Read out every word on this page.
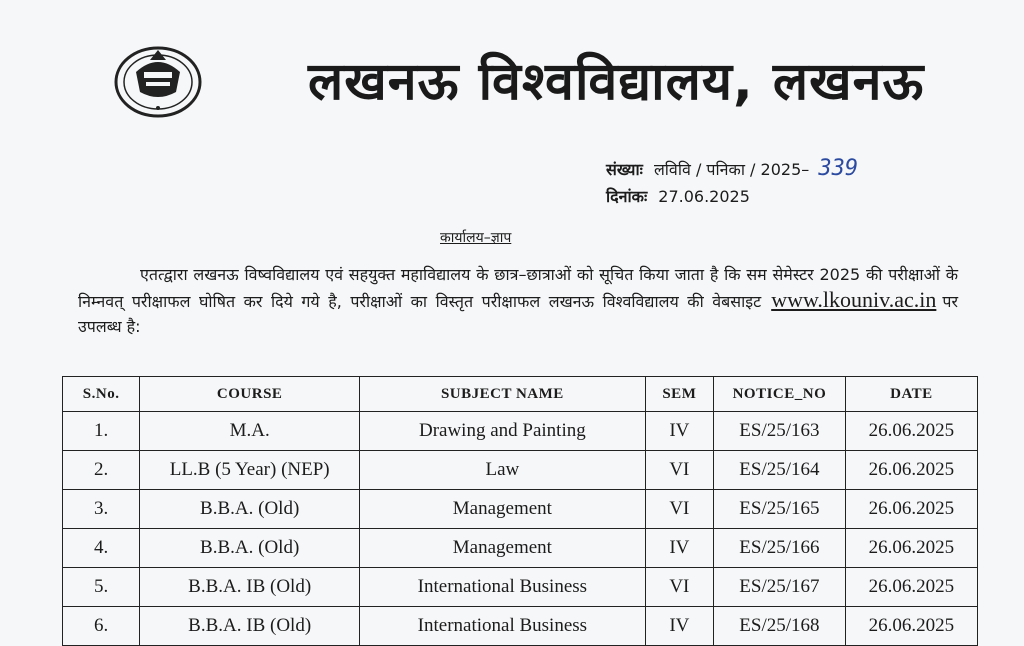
लखनऊ विश्वविद्यालय, लखनऊ
संख्याः लविवि / पनिका / 2025– 339
दिनांकः 27.06.2025
कार्यालय–ज्ञाप
एतत्द्वारा लखनऊ विष्वविद्यालय एवं सहयुक्त महाविद्यालय के छात्र–छात्राओं को सूचित किया जाता है कि सम सेमेस्टर 2025 की परीक्षाओं के निम्नवत् परीक्षाफल घोषित कर दिये गये है, परीक्षाओं का विस्तृत परीक्षाफल लखनऊ विश्वविद्यालय की वेबसाइट www.lkouniv.ac.in पर उपलब्ध है:
S.No.	COURSE	SUBJECT NAME	SEM	NOTICE_NO	DATE
1.	M.A.	Drawing and Painting	IV	ES/25/163	26.06.2025
2.	LL.B (5 Year) (NEP)	Law	VI	ES/25/164	26.06.2025
3.	B.B.A. (Old)	Management	VI	ES/25/165	26.06.2025
4.	B.B.A. (Old)	Management	IV	ES/25/166	26.06.2025
5.	B.B.A. IB (Old)	International Business	VI	ES/25/167	26.06.2025
6.	B.B.A. IB (Old)	International Business	IV	ES/25/168	26.06.2025
